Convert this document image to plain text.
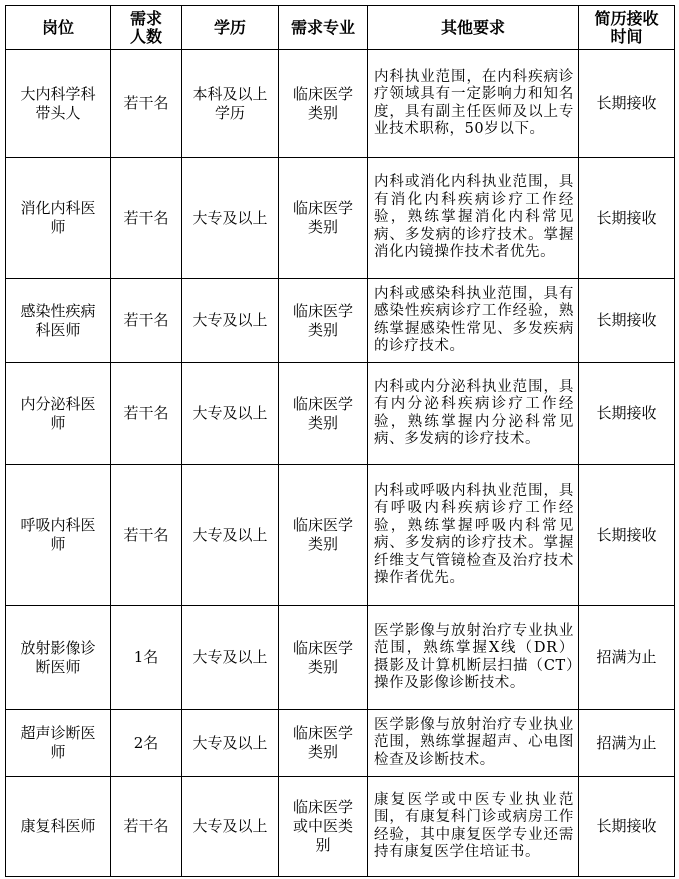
岗位	需求人数	学历	需求专业	其他要求	简历接收时间
大内科学科带头人	若干名	本科及以上学历	临床医学类别	内科执业范围，在内科疾病诊疗领域具有一定影响力和知名度，具有副主任医师及以上专业技术职称，50岁以下。	长期接收
消化内科医师	若干名	大专及以上	临床医学类别	内科或消化内科执业范围，具有消化内科疾病诊疗工作经验，熟练掌握消化内科常见病、多发病的诊疗技术。掌握消化内镜操作技术者优先。	长期接收
感染性疾病科医师	若干名	大专及以上	临床医学类别	内科或感染科执业范围，具有感染性疾病诊疗工作经验，熟练掌握感染性常见、多发疾病的诊疗技术。	长期接收
内分泌科医师	若干名	大专及以上	临床医学类别	内科或内分泌科执业范围，具有内分泌科疾病诊疗工作经验，熟练掌握内分泌科常见病、多发病的诊疗技术。	长期接收
呼吸内科医师	若干名	大专及以上	临床医学类别	内科或呼吸内科执业范围，具有呼吸内科疾病诊疗工作经验，熟练掌握呼吸内科常见病、多发病的诊疗技术。掌握纤维支气管镜检查及治疗技术操作者优先。	长期接收
放射影像诊断医师	1名	大专及以上	临床医学类别	医学影像与放射治疗专业执业范围，熟练掌握X线（DR）摄影及计算机断层扫描（CT）操作及影像诊断技术。	招满为止
超声诊断医师	2名	大专及以上	临床医学类别	医学影像与放射治疗专业执业范围，熟练掌握超声、心电图检查及诊断技术。	招满为止
康复科医师	若干名	大专及以上	临床医学或中医类别	康复医学或中医专业执业范围，有康复科门诊或病房工作经验，其中康复医学专业还需持有康复医学住培证书。	长期接收
